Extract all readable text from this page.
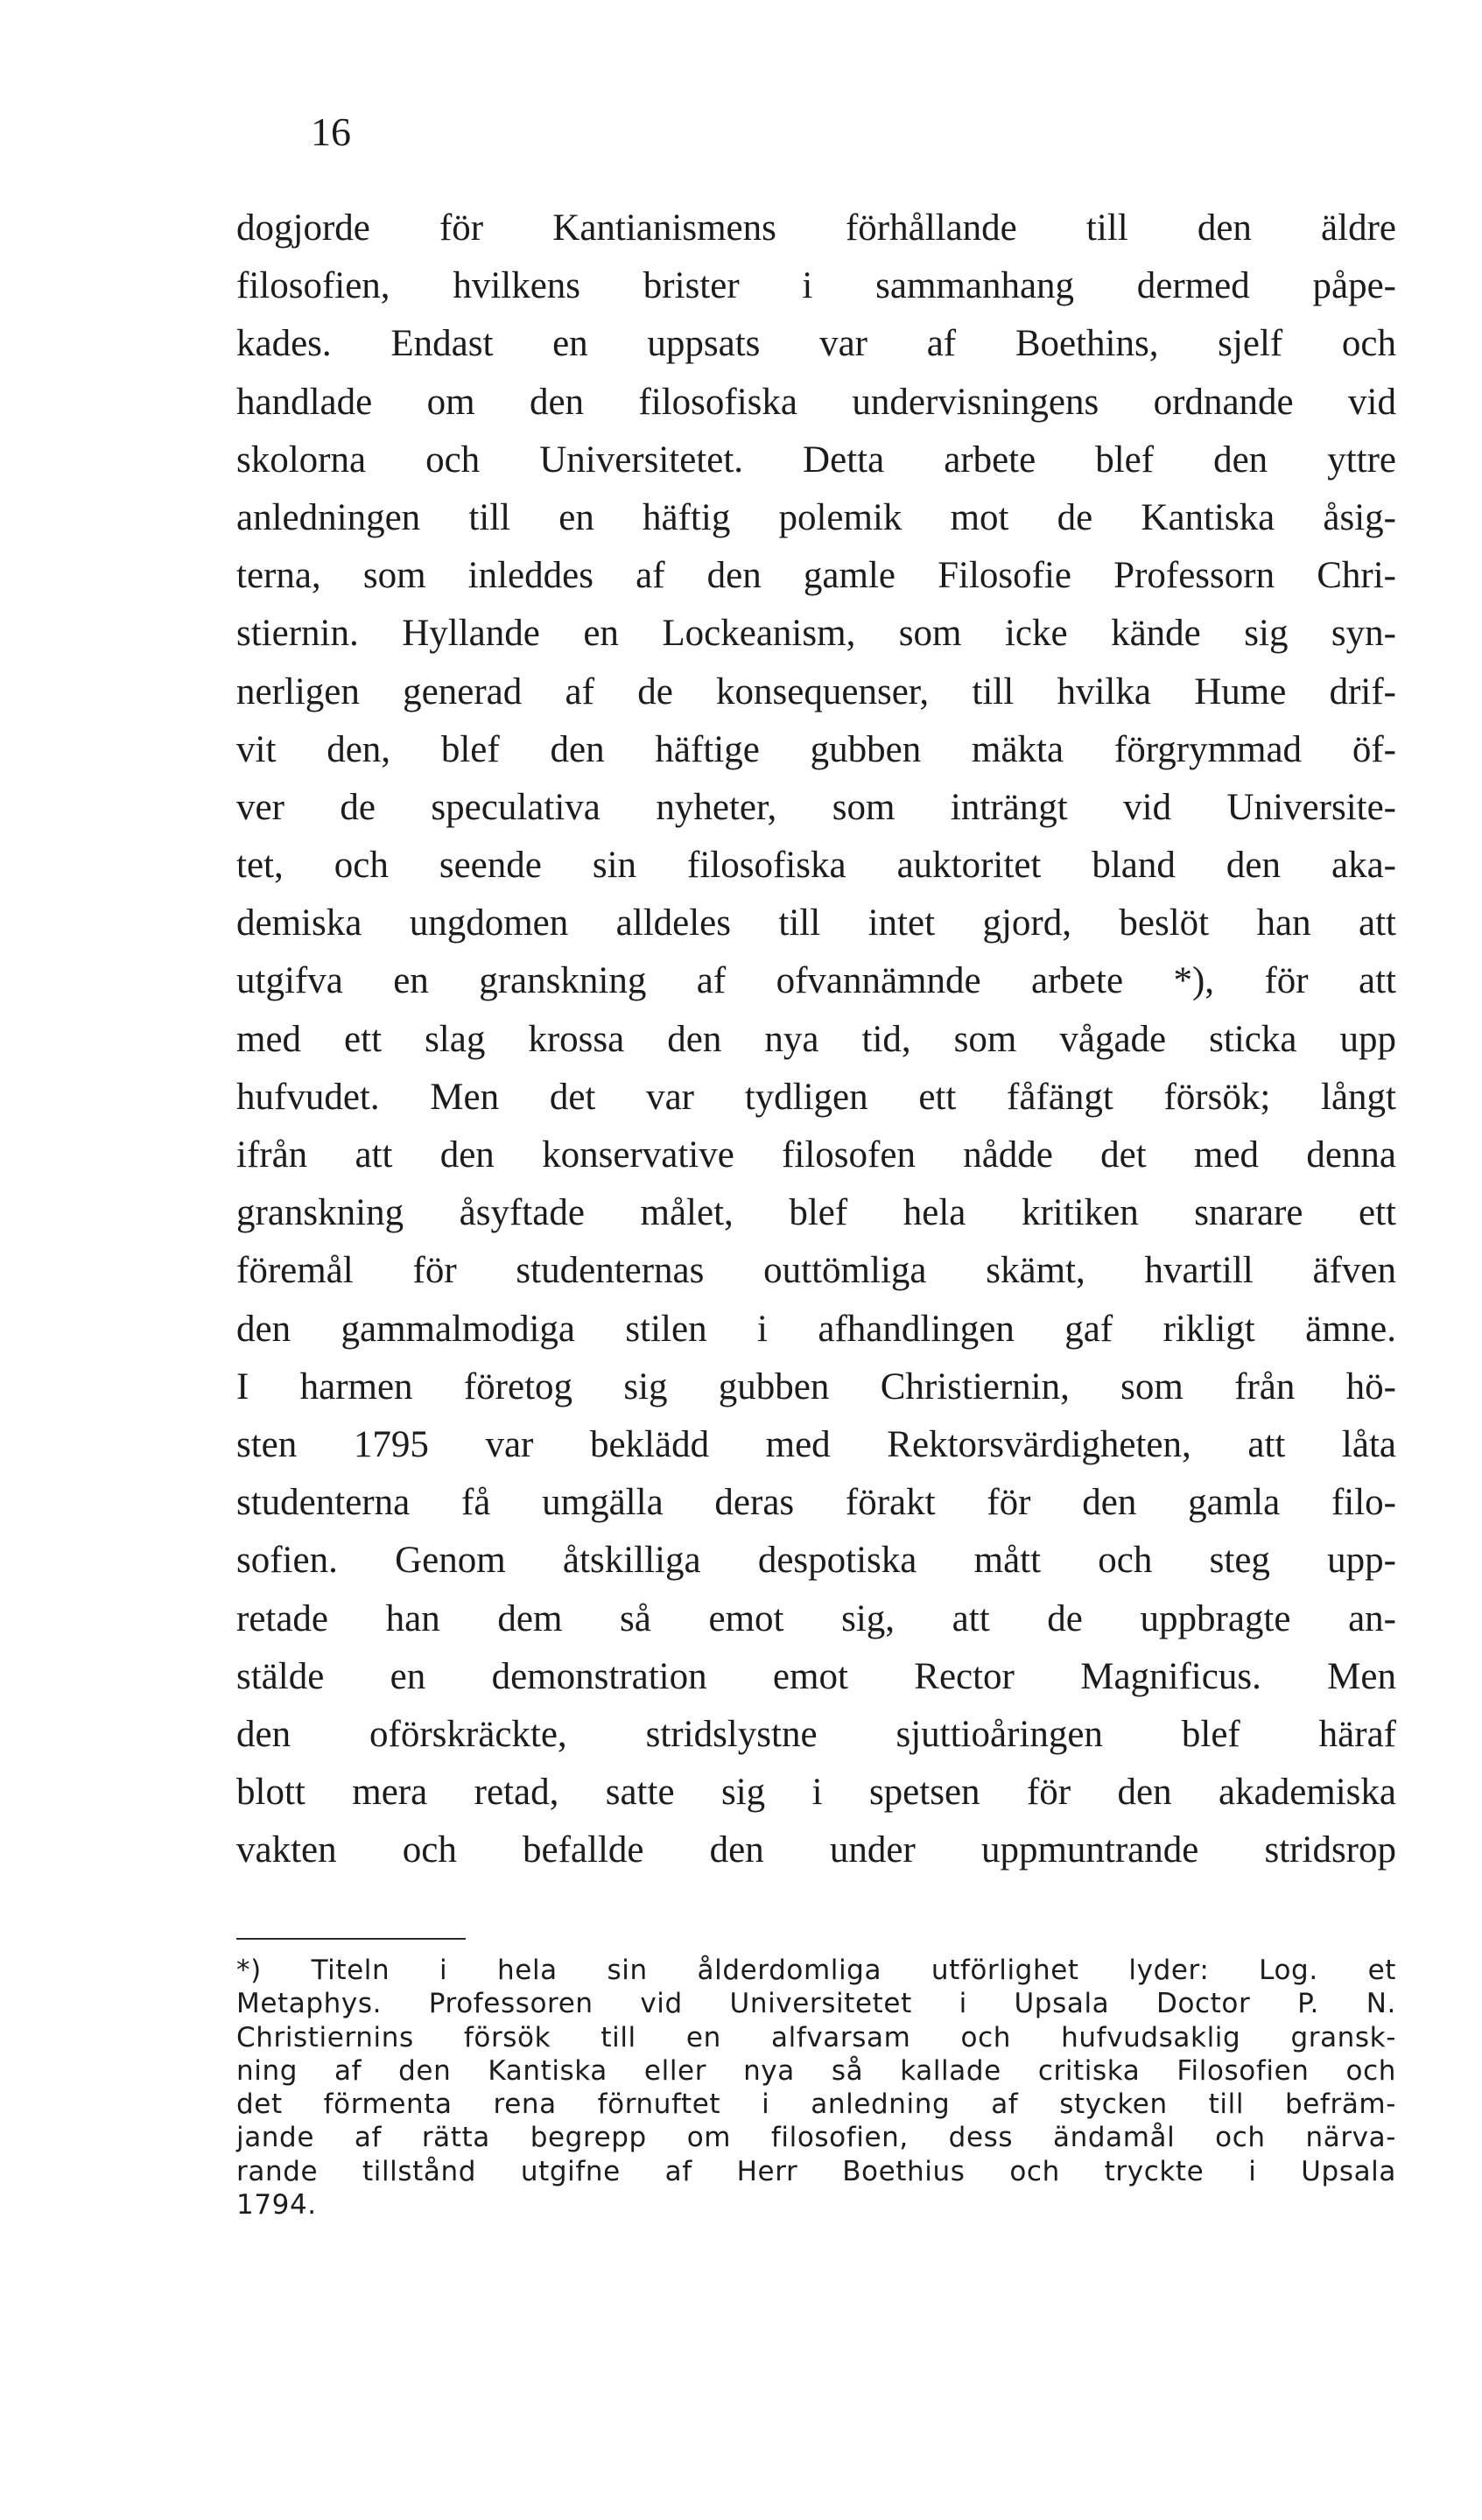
16
dogjorde för Kantianismens förhållande till den äldre
filosofien, hvilkens brister i sammanhang dermed påpe-
kades. Endast en uppsats var af Boethins, sjelf och
handlade om den filosofiska undervisningens ordnande vid
skolorna och Universitetet. Detta arbete blef den yttre
anledningen till en häftig polemik mot de Kantiska åsig-
terna, som inleddes af den gamle Filosofie Professorn Chri-
stiernin. Hyllande en Lockeanism, som icke kände sig syn-
nerligen generad af de konsequenser, till hvilka Hume drif-
vit den, blef den häftige gubben mäkta förgrymmad öf-
ver de speculativa nyheter, som inträngt vid Universite-
tet, och seende sin filosofiska auktoritet bland den aka-
demiska ungdomen alldeles till intet gjord, beslöt han att
utgifva en granskning af ofvannämnde arbete *), för att
med ett slag krossa den nya tid, som vågade sticka upp
hufvudet. Men det var tydligen ett fåfängt försök; långt
ifrån att den konservative filosofen nådde det med denna
granskning åsyftade målet, blef hela kritiken snarare ett
föremål för studenternas outtömliga skämt, hvartill äfven
den gammalmodiga stilen i afhandlingen gaf rikligt ämne.
I harmen företog sig gubben Christiernin, som från hö-
sten 1795 var beklädd med Rektorsvärdigheten, att låta
studenterna få umgälla deras förakt för den gamla filo-
sofien. Genom åtskilliga despotiska mått och steg upp-
retade han dem så emot sig, att de uppbragte an-
stälde en demonstration emot Rector Magnificus. Men
den oförskräckte, stridslystne sjuttioåringen blef häraf
blott mera retad, satte sig i spetsen för den akademiska
vakten och befallde den under uppmuntrande stridsrop
*) Titeln i hela sin ålderdomliga utförlighet lyder: Log. et
Metaphys. Professoren vid Universitetet i Upsala Doctor P. N.
Christiernins försök till en alfvarsam och hufvudsaklig gransk-
ning af den Kantiska eller nya så kallade critiska Filosofien och
det förmenta rena förnuftet i anledning af stycken till befräm-
jande af rätta begrepp om filosofien, dess ändamål och närva-
rande tillstånd utgifne af Herr Boethius och tryckte i Upsala
1794.
